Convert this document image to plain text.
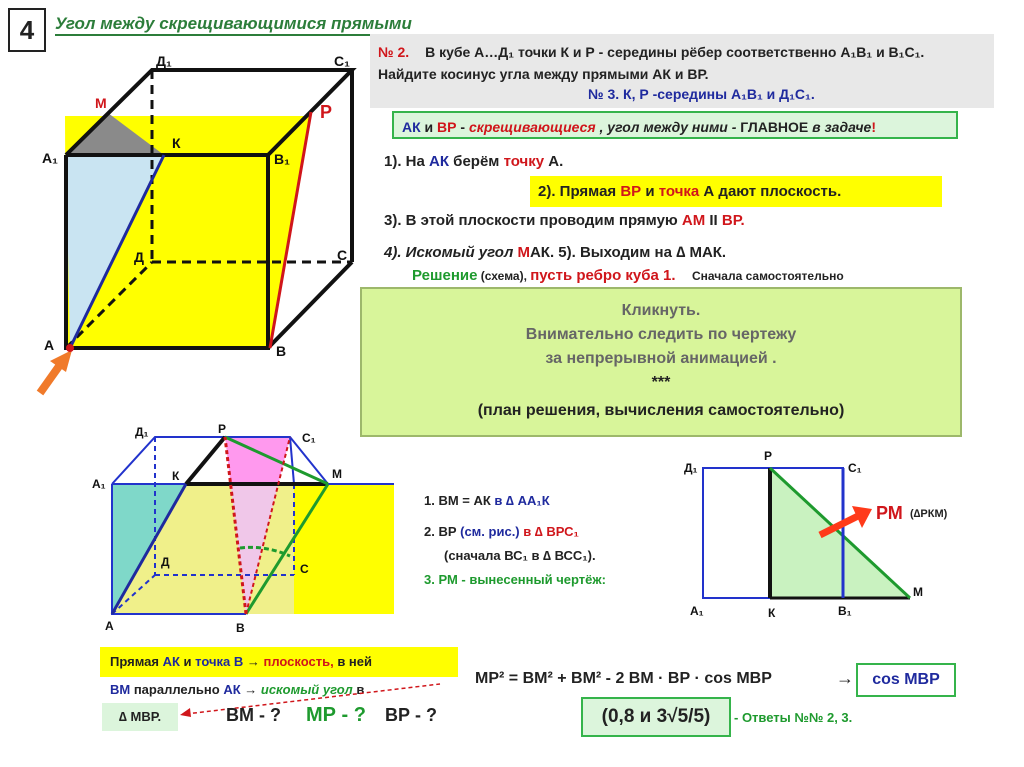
4	Угол между скрещивающимися прямыми
№ 2. В кубе А…Д₁ точки К и Р - середины рёбер соответственно А₁В₁ и В₁С₁.
Найдите косинус угла между прямыми АК и ВР.
№ 3. К, Р -середины А₁В₁ и Д₁С₁.
АК и ВР - скрещивающиеся , угол между ними - ГЛАВНОЕ в задаче!
1). На АК берём точку А.
2). Прямая ВР и точка А дают плоскость.
3). В этой плоскости проводим прямую АМ II ВР.
4). Искомый угол МАК. 5). Выходим на ∆ МАК.
Решение (схема), пусть ребро куба 1. Сначала самостоятельно
Кликнуть.
Внимательно следить по чертежу
за непрерывной анимацией .
***
(план решения, вычисления самостоятельно)
Д₁	С₁
М	Р
А₁
К
В₁
Д	С
А	В
Д₁	Р
С₁
А₁
К	М
Д	С
А	В
1. ВМ = АК в ∆ АА₁К
2. ВР (см. рис.) в ∆ ВРС₁
(сначала ВС₁ в ∆ ВСС₁).
3. РМ - вынесенный чертёж:
Д₁
Р
С₁
А₁	К	В₁
М
РМ (∆РКМ)
Прямая АК и точка В → плоскость, в ней
ВМ параллельно АК → искомый угол в
∆ МВР.	ВМ - ? МР - ? ВР - ?
МР² = ВМ² + ВМ² - 2 ВМ · ВР · cos МВР	→	cos МВР
(0,8 и 3√5/5)	- Ответы №№ 2, 3.
